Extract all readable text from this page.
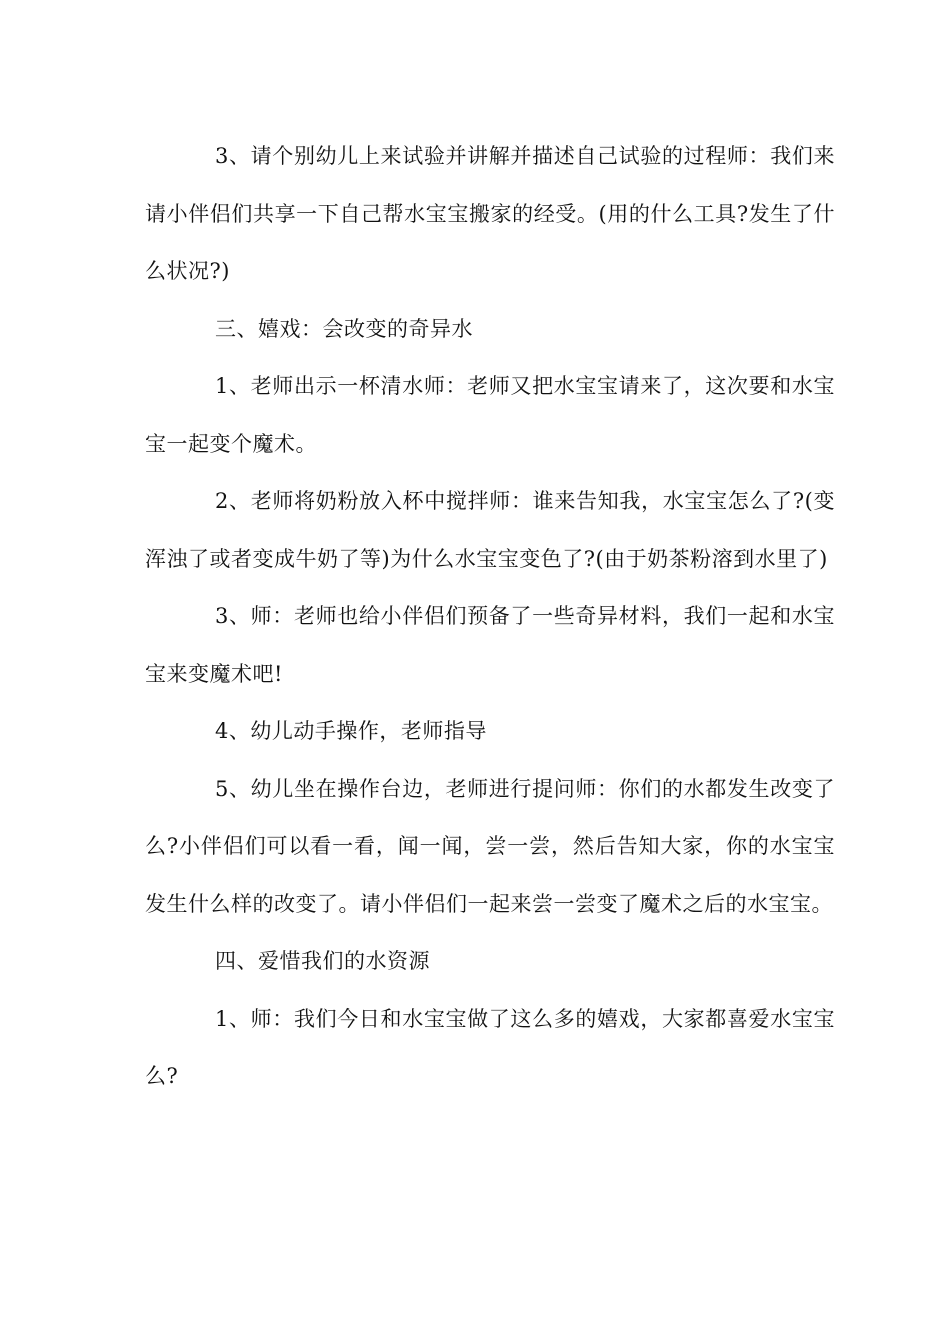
3、请个别幼儿上来试验并讲解并描述自己试验的过程师：我们来请小伴侣们共享一下自己帮水宝宝搬家的经受。(用的什么工具?发生了什么状况?)

三、嬉戏：会改变的奇异水

1、老师出示一杯清水师：老师又把水宝宝请来了，这次要和水宝宝一起变个魔术。

2、老师将奶粉放入杯中搅拌师：谁来告知我，水宝宝怎么了?(变浑浊了或者变成牛奶了等)为什么水宝宝变色了?(由于奶茶粉溶到水里了)

3、师：老师也给小伴侣们预备了一些奇异材料，我们一起和水宝宝来变魔术吧!

4、幼儿动手操作，老师指导

5、幼儿坐在操作台边，老师进行提问师：你们的水都发生改变了么?小伴侣们可以看一看，闻一闻，尝一尝，然后告知大家，你的水宝宝发生什么样的改变了。请小伴侣们一起来尝一尝变了魔术之后的水宝宝。

四、爱惜我们的水资源

1、师：我们今日和水宝宝做了这么多的嬉戏，大家都喜爱水宝宝么?
